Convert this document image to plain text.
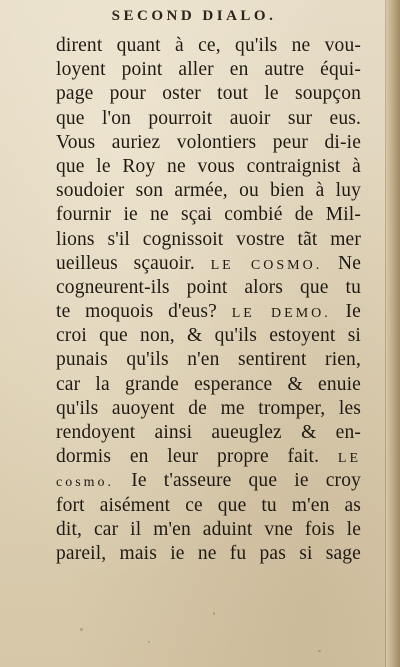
SECOND DIALO.
dirent quant à ce, qu'ils ne vou-
loyent point aller en autre équi-
page pour oster tout le soupçon
que l'on pourroit auoir sur eus.
Vous auriez volontiers peur di-ie
que le Roy ne vous contraignist à
soudoier son armée, ou bien à luy
fournir ie ne sçai combié de Mil-
lions s'il cognissoit vostre tãt mer
ueilleus sçauoir. LE COSMO. Ne
cogneurent-ils point alors que tu
te moquois d'eus? LE DEMO. Ie
croi que non, & qu'ils estoyent si
punais qu'ils n'en sentirent rien,
car la grande esperance & enuie
qu'ils auoyent de me tromper, les
rendoyent ainsi aueuglez & en-
dormis en leur propre fait. LE
cosmo. Ie t'asseure que ie croy
fort aisément ce que tu m'en as
dit, car il m'en aduint vne fois le
pareil, mais ie ne fu pas si sage
